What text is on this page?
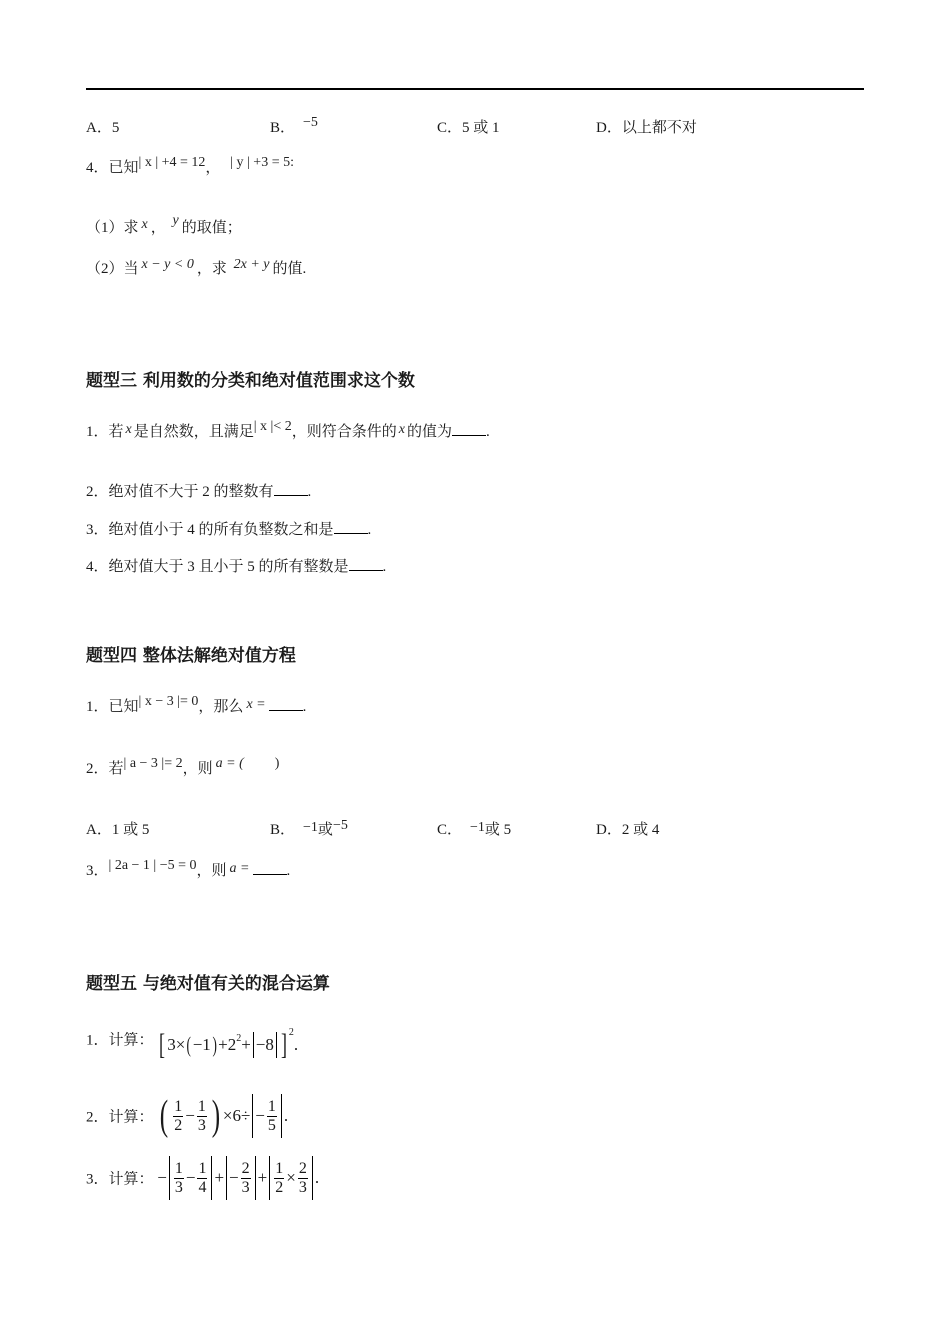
A．5	B． −5	C．5 或 1	D．以上都不对
4．已知| x | +4 = 12， | y | +3 = 5:
（1）求 x ， y 的取值；
（2）当 x − y < 0 ，求 2x + y 的值.
题型三 利用数的分类和绝对值范围求这个数
1．若 x 是自然数，且满足| x |< 2，则符合条件的 x 的值为 .
2．绝对值不大于 2 的整数有 .
3．绝对值小于 4 的所有负整数之和是 .
4．绝对值大于 3 且小于 5 的所有整数是 .
题型四 整体法解绝对值方程
1．已知| x − 3 |= 0，那么 x = .
2．若| a − 3 |= 2，则 a = ( )
A．1 或 5	B． −1或−5	C． −1或 5	D．2 或 4
3．| 2a − 1 | −5 = 0，则 a = .
题型五 与绝对值有关的混合运算
1．计算： [ 3× ( −1 ) +2 2 + −8 ] 2
.
2．计算： ( $\frac{1}{2} - \frac{1}{3}$ ) $\times 6\div - \frac{1}{5}$ .
3．计算： − $\frac{1}{3} - \frac{1}{4}$ + − $\frac{2}{3} + \frac{1}{2} \times \frac{2}{3}$ .
